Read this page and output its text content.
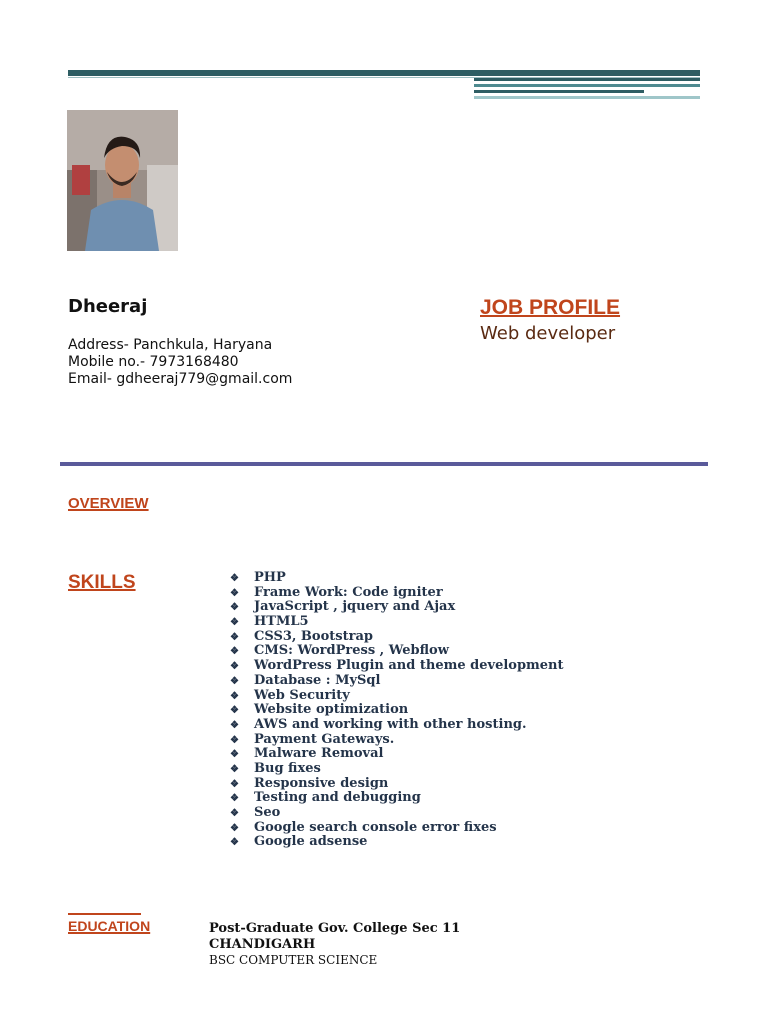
Dheeraj
Address- Panchkula, Haryana
Mobile no.- 7973168480
Email- gdheeraj779@gmail.com
JOB PROFILE
Web developer
OVERVIEW
SKILLS	❖ PHP
❖ Frame Work: Code igniter
❖ JavaScript , jquery and Ajax
❖ HTML5
❖ CSS3, Bootstrap
❖ CMS: WordPress , Webflow
❖ WordPress Plugin and theme development
❖ Database : MySql
❖ Web Security
❖ Website optimization
❖ AWS and working with other hosting.
❖ Payment Gateways.
❖ Malware Removal
❖ Bug fixes
❖ Responsive design
❖ Testing and debugging
❖ Seo
❖ Google search console error fixes
❖ Google adsense
EDUCATION	Post-Graduate Gov. College Sec 11
CHANDIGARH
BSC COMPUTER SCIENCE
